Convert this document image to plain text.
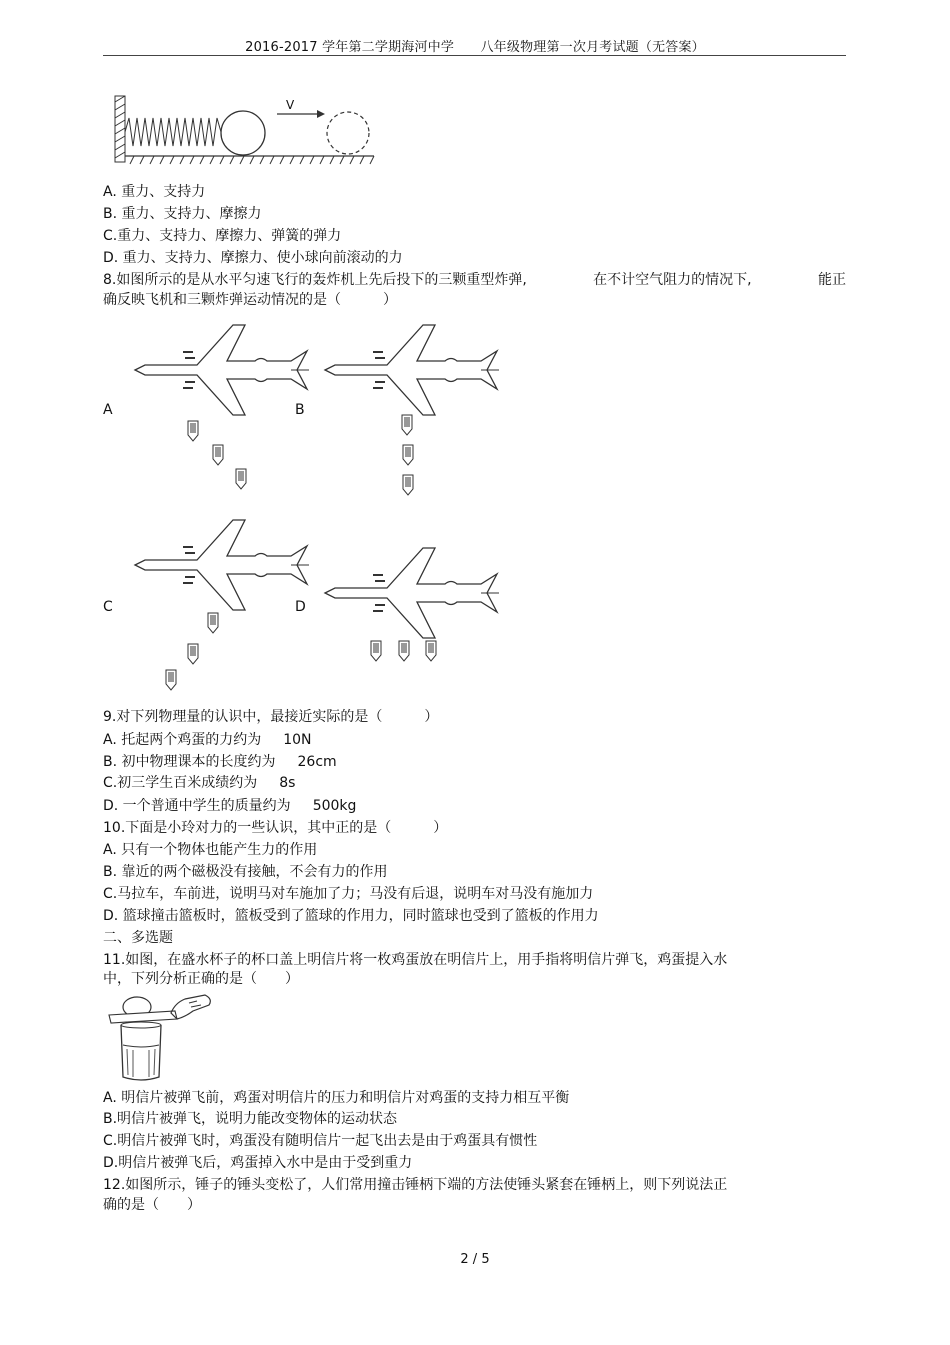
2016-2017 学年第二学期海河中学　　八年级物理第一次月考试题（无答案）
V
A. 重力、支持力
B. 重力、支持力、摩擦力
C.重力、支持力、摩擦力、弹簧的弹力
D. 重力、支持力、摩擦力、使小球向前滚动的力
8.如图所示的是从水平匀速飞行的轰炸机上先后投下的三颗重型炸弹,	在不计空气阻力的情况下,	能正
确反映飞机和三颗炸弹运动情况的是（　　　）
A	B
C	D
9.对下列物理量的认识中，最接近实际的是（　　　）
A. 托起两个鸡蛋的力约为 10N
B. 初中物理课本的长度约为 26cm
C.初三学生百米成绩约为 8s
D. 一个普通中学生的质量约为 500kg
10.下面是小玲对力的一些认识，其中正的是（　　　）
A. 只有一个物体也能产生力的作用
B. 靠近的两个磁极没有接触，不会有力的作用
C.马拉车，车前进，说明马对车施加了力；马没有后退，说明车对马没有施加力
D. 篮球撞击篮板时，篮板受到了篮球的作用力，同时篮球也受到了篮板的作用力
二、多选题
11.如图，在盛水杯子的杯口盖上明信片将一枚鸡蛋放在明信片上，用手指将明信片弹飞，鸡蛋提入水
中，下列分析正确的是（　　）
A. 明信片被弹飞前，鸡蛋对明信片的压力和明信片对鸡蛋的支持力相互平衡
B.明信片被弹飞，说明力能改变物体的运动状态
C.明信片被弹飞时，鸡蛋没有随明信片一起飞出去是由于鸡蛋具有惯性
D.明信片被弹飞后，鸡蛋掉入水中是由于受到重力
12.如图所示，锤子的锤头变松了，人们常用撞击锤柄下端的方法使锤头紧套在锤柄上，则下列说法正
确的是（　　）
2 / 5
